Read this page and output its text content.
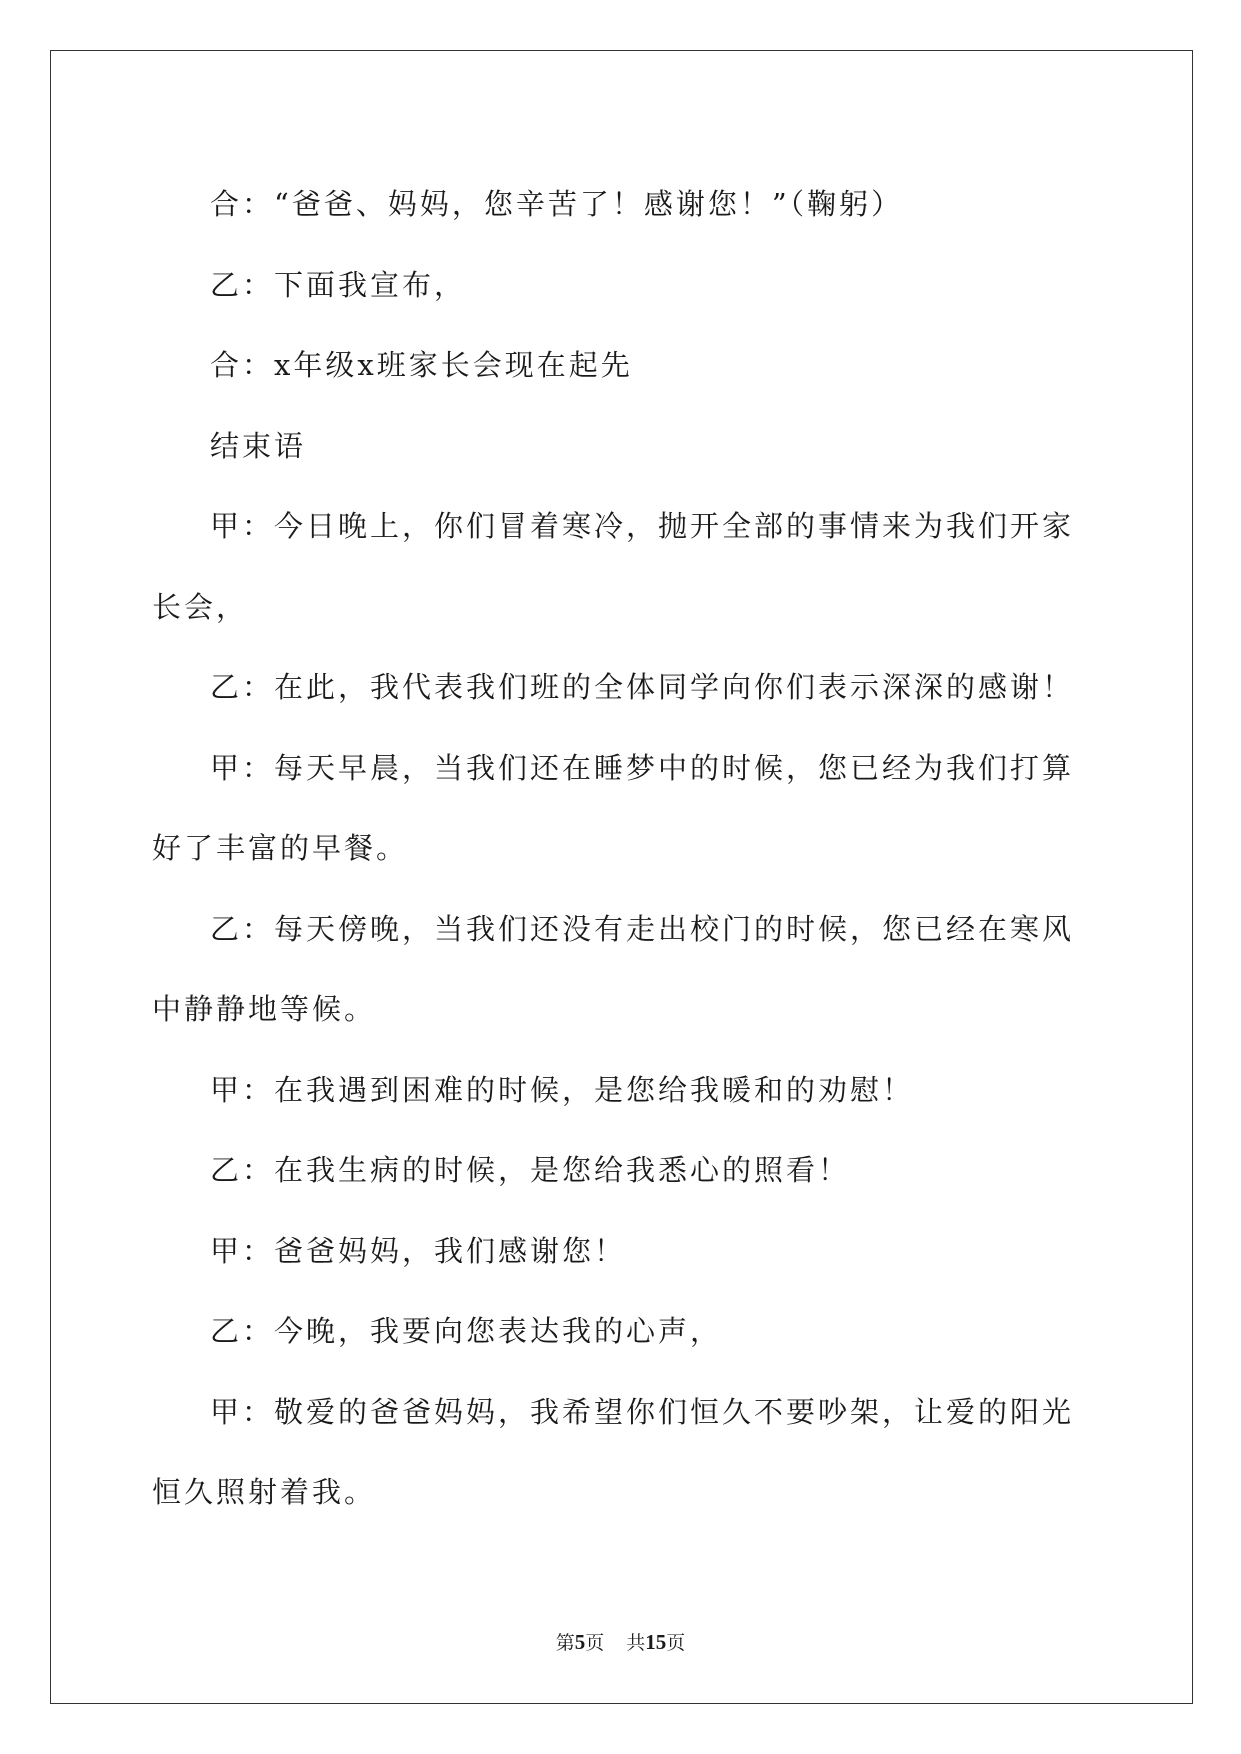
合：“爸爸、妈妈，您辛苦了！感谢您！”（鞠躬）

乙：下面我宣布，

合：x年级x班家长会现在起先

结束语

甲：今日晚上，你们冒着寒冷，抛开全部的事情来为我们开家长会，

乙：在此，我代表我们班的全体同学向你们表示深深的感谢！

甲：每天早晨，当我们还在睡梦中的时候，您已经为我们打算好了丰富的早餐。

乙：每天傍晚，当我们还没有走出校门的时候，您已经在寒风中静静地等候。

甲：在我遇到困难的时候，是您给我暖和的劝慰！

乙：在我生病的时候，是您给我悉心的照看！

甲：爸爸妈妈，我们感谢您！

乙：今晚，我要向您表达我的心声，

甲：敬爱的爸爸妈妈，我希望你们恒久不要吵架，让爱的阳光恒久照射着我。

第5页 共15页
